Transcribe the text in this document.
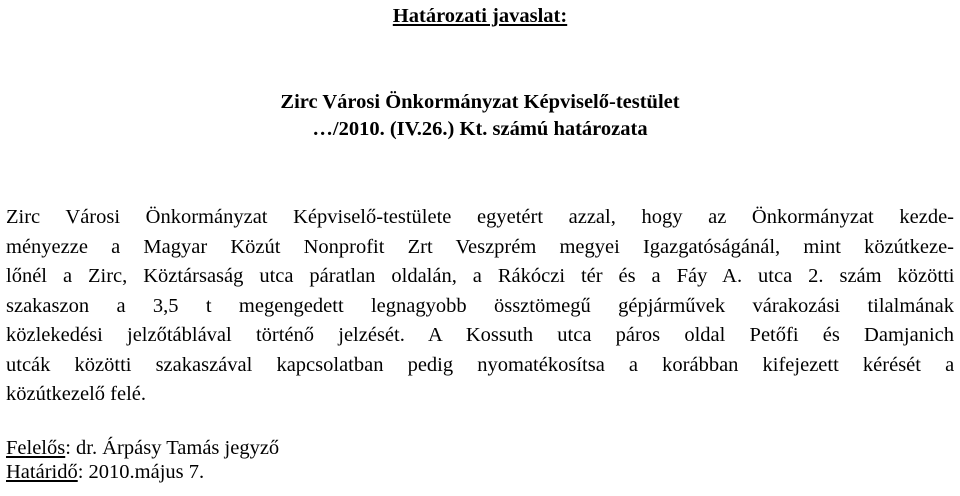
Határozati javaslat:

Zirc Városi Önkormányzat Képviselő-testület

…/2010. (IV.26.) Kt. számú határozata

Zirc Városi Önkormányzat Képviselő-testülete egyetért azzal, hogy az Önkormányzat kezde-
ményezze a Magyar Közút Nonprofit Zrt Veszprém megyei Igazgatóságánál, mint közútkeze-
lőnél a Zirc, Köztársaság utca páratlan oldalán, a Rákóczi tér és a Fáy A. utca 2. szám közötti
szakaszon a 3,5 t megengedett legnagyobb össztömegű gépjárművek várakozási tilalmának
közlekedési jelzőtáblával történő jelzését. A Kossuth utca páros oldal Petőfi és Damjanich
utcák közötti szakaszával kapcsolatban pedig nyomatékosítsa a korábban kifejezett kérését a
közútkezelő felé.
Felelős: dr. Árpásy Tamás jegyző
Határidő: 2010.május 7.
